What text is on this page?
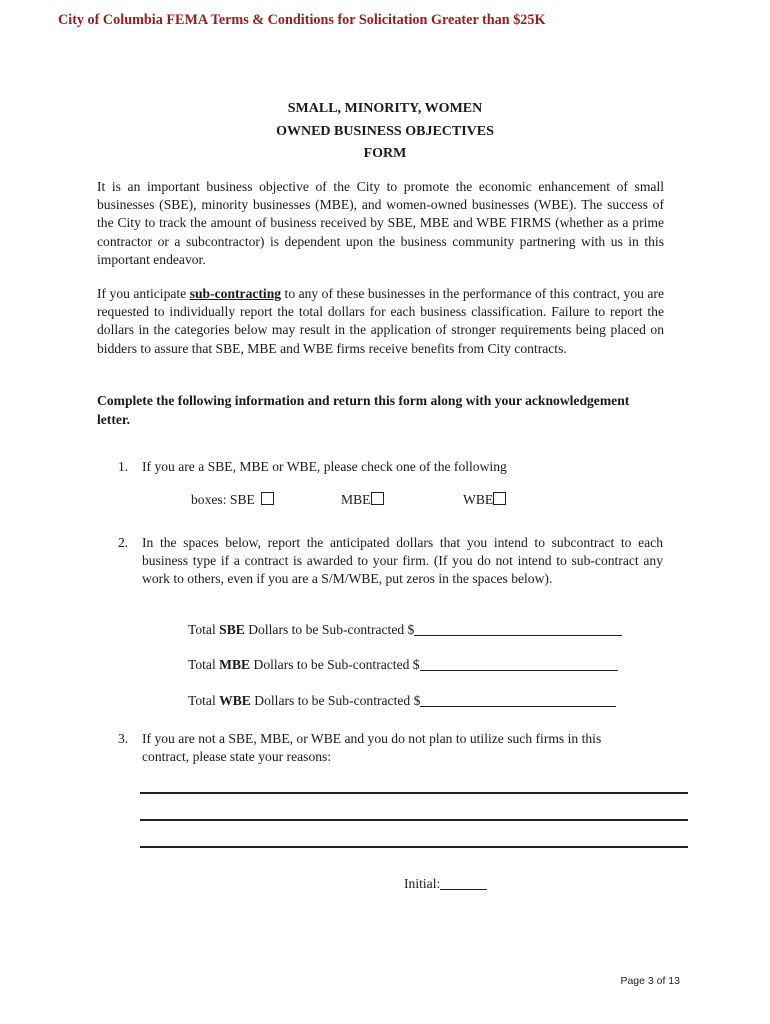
City of Columbia FEMA Terms & Conditions for Solicitation Greater than $25K
SMALL, MINORITY, WOMEN
OWNED BUSINESS OBJECTIVES
FORM

It is an important business objective of the City to promote the economic enhancement of small businesses (SBE), minority businesses (MBE), and women-owned businesses (WBE). The success of the City to track the amount of business received by SBE, MBE and WBE FIRMS (whether as a prime contractor or a subcontractor) is dependent upon the business community partnering with us in this important endeavor.

If you anticipate sub-contracting to any of these businesses in the performance of this contract, you are requested to individually report the total dollars for each business classification. Failure to report the dollars in the categories below may result in the application of stronger requirements being placed on bidders to assure that SBE, MBE and WBE firms receive benefits from City contracts.

Complete the following information and return this form along with your acknowledgement letter.

1. If you are a SBE, MBE or WBE, please check one of the following
boxes: SBE	MBE	WBE
2. In the spaces below, report the anticipated dollars that you intend to subcontract to each business type if a contract is awarded to your firm. (If you do not intend to sub-contract any work to others, even if you are a S/M/WBE, put zeros in the spaces below).
Total SBE Dollars to be Sub-contracted $
Total MBE Dollars to be Sub-contracted $
Total WBE Dollars to be Sub-contracted $
3. If you are not a SBE, MBE, or WBE and you do not plan to utilize such firms in this contract, please state your reasons:
Initial:
Page 3 of 13
